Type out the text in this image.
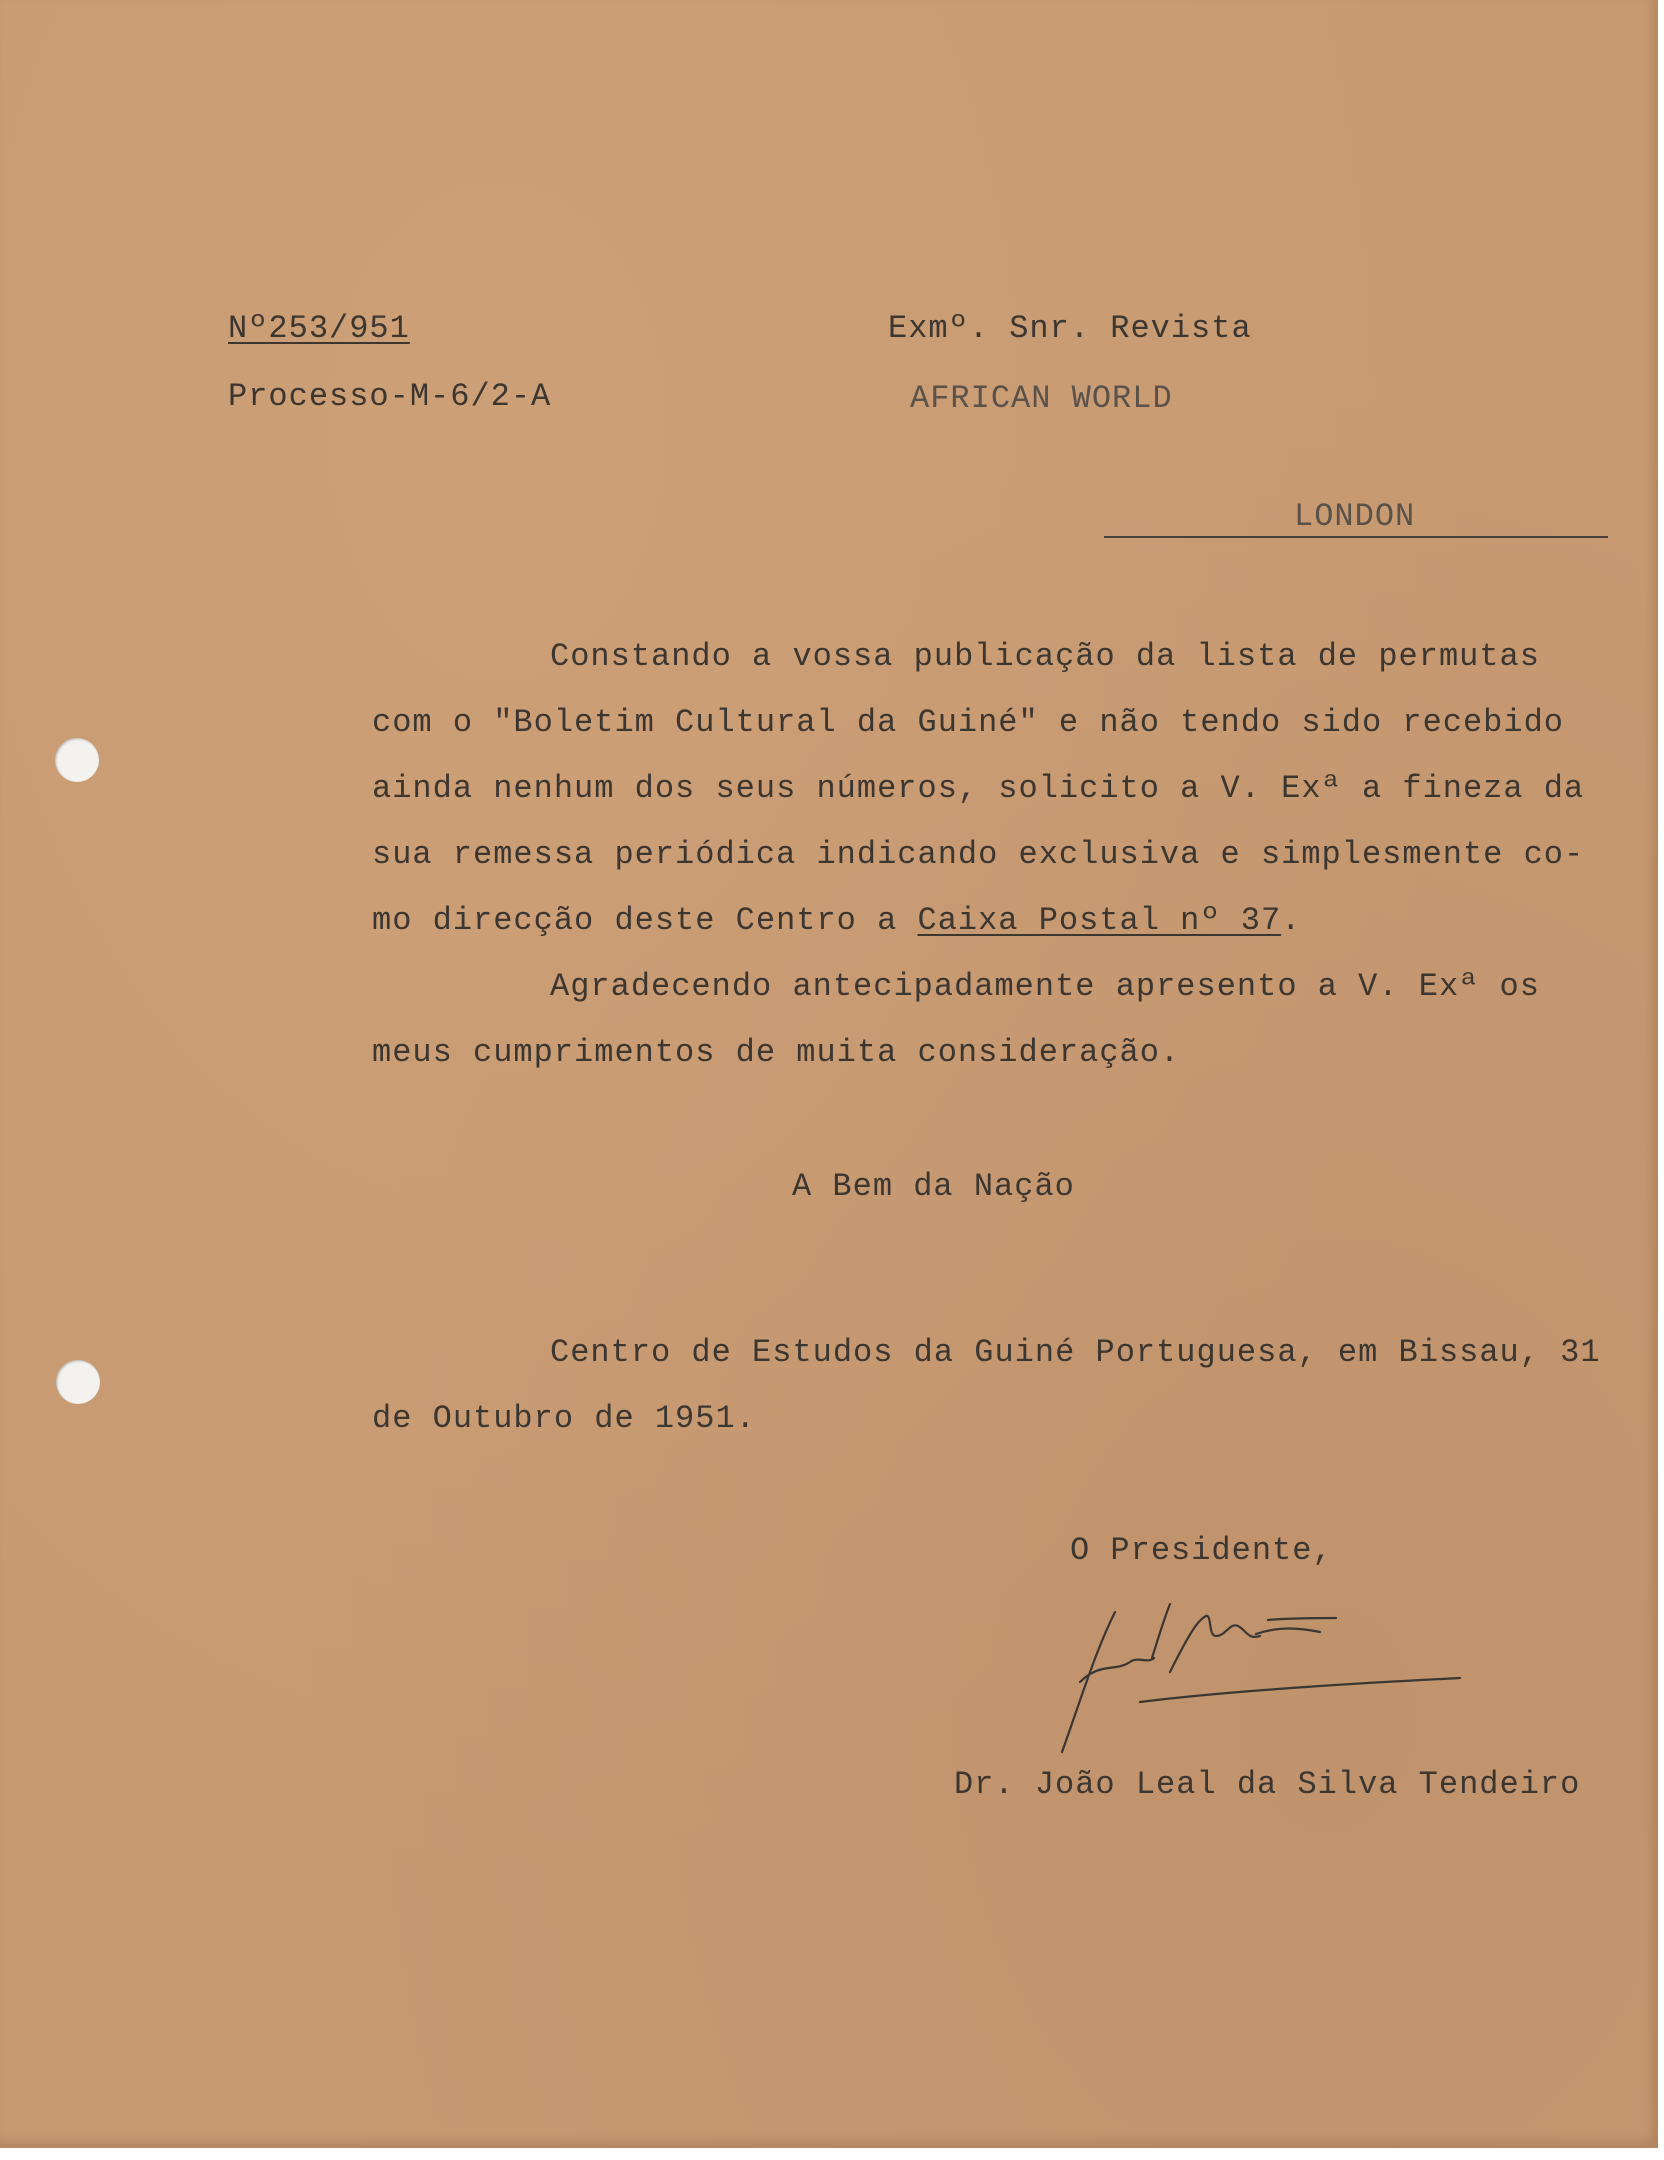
Nº253/951
Processo-M-6/2-A
Exmº. Snr. Revista
AFRICAN WORLD
LONDON
Constando a vossa publicação da lista de permutas
com o "Boletim Cultural da Guiné" e não tendo sido recebido
ainda nenhum dos seus números, solicito a V. Exª a fineza da
sua remessa periódica indicando exclusiva e simplesmente co-
mo direcção deste Centro a Caixa Postal nº 37.
Agradecendo antecipadamente apresento a V. Exª os
meus cumprimentos de muita consideração.
A Bem da Nação
Centro de Estudos da Guiné Portuguesa, em Bissau, 31
de Outubro de 1951.
O Presidente,
Dr. João Leal da Silva Tendeiro
